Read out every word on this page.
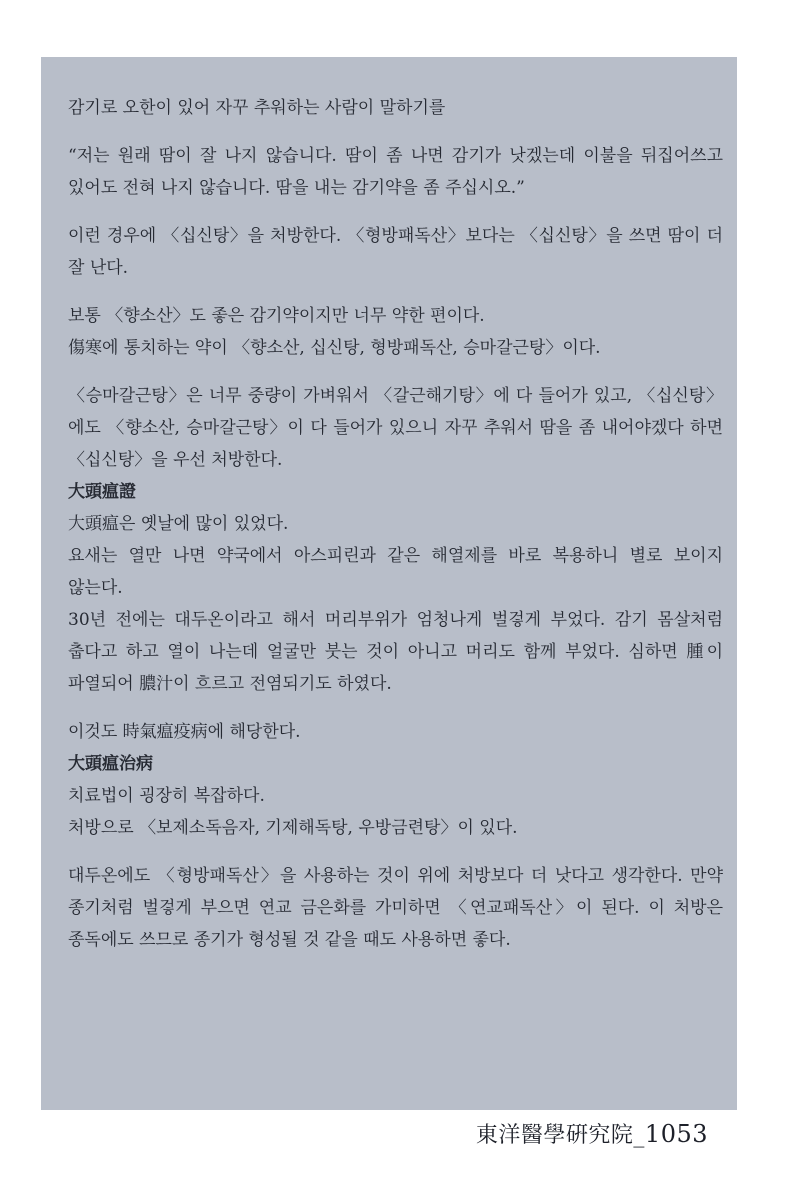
감기로 오한이 있어 자꾸 추워하는 사람이 말하기를

“저는 원래 땀이 잘 나지 않습니다. 땀이 좀 나면 감기가 낫겠는데 이불을 뒤집어쓰고 있어도 전혀 나지 않습니다. 땀을 내는 감기약을 좀 주십시오.”

이런 경우에 〈십신탕〉을 처방한다. 〈형방패독산〉보다는 〈십신탕〉을 쓰면 땀이 더 잘 난다.

보통 〈향소산〉도 좋은 감기약이지만 너무 약한 편이다.

傷寒에 통치하는 약이 〈향소산, 십신탕, 형방패독산, 승마갈근탕〉이다.

〈승마갈근탕〉은 너무 중량이 가벼워서 〈갈근해기탕〉에 다 들어가 있고, 〈십신탕〉에도 〈향소산, 승마갈근탕〉이 다 들어가 있으니 자꾸 추워서 땀을 좀 내어야겠다 하면 〈십신탕〉을 우선 처방한다.

大頭瘟證

大頭瘟은 옛날에 많이 있었다.

요새는 열만 나면 약국에서 아스피린과 같은 해열제를 바로 복용하니 별로 보이지 않는다.

30년 전에는 대두온이라고 해서 머리부위가 엄청나게 벌겋게 부었다. 감기 몸살처럼 춥다고 하고 열이 나는데 얼굴만 붓는 것이 아니고 머리도 함께 부었다. 심하면 腫이 파열되어 膿汁이 흐르고 전염되기도 하였다.

이것도 時氣瘟疫病에 해당한다.

大頭瘟治病

치료법이 굉장히 복잡하다.

처방으로 〈보제소독음자, 기제해독탕, 우방금련탕〉이 있다.

대두온에도 〈형방패독산〉을 사용하는 것이 위에 처방보다 더 낫다고 생각한다. 만약 종기처럼 벌겋게 부으면 연교 금은화를 가미하면 〈연교패독산〉이 된다. 이 처방은 종독에도 쓰므로 종기가 형성될 것 같을 때도 사용하면 좋다.

東洋醫學硏究院_1053
